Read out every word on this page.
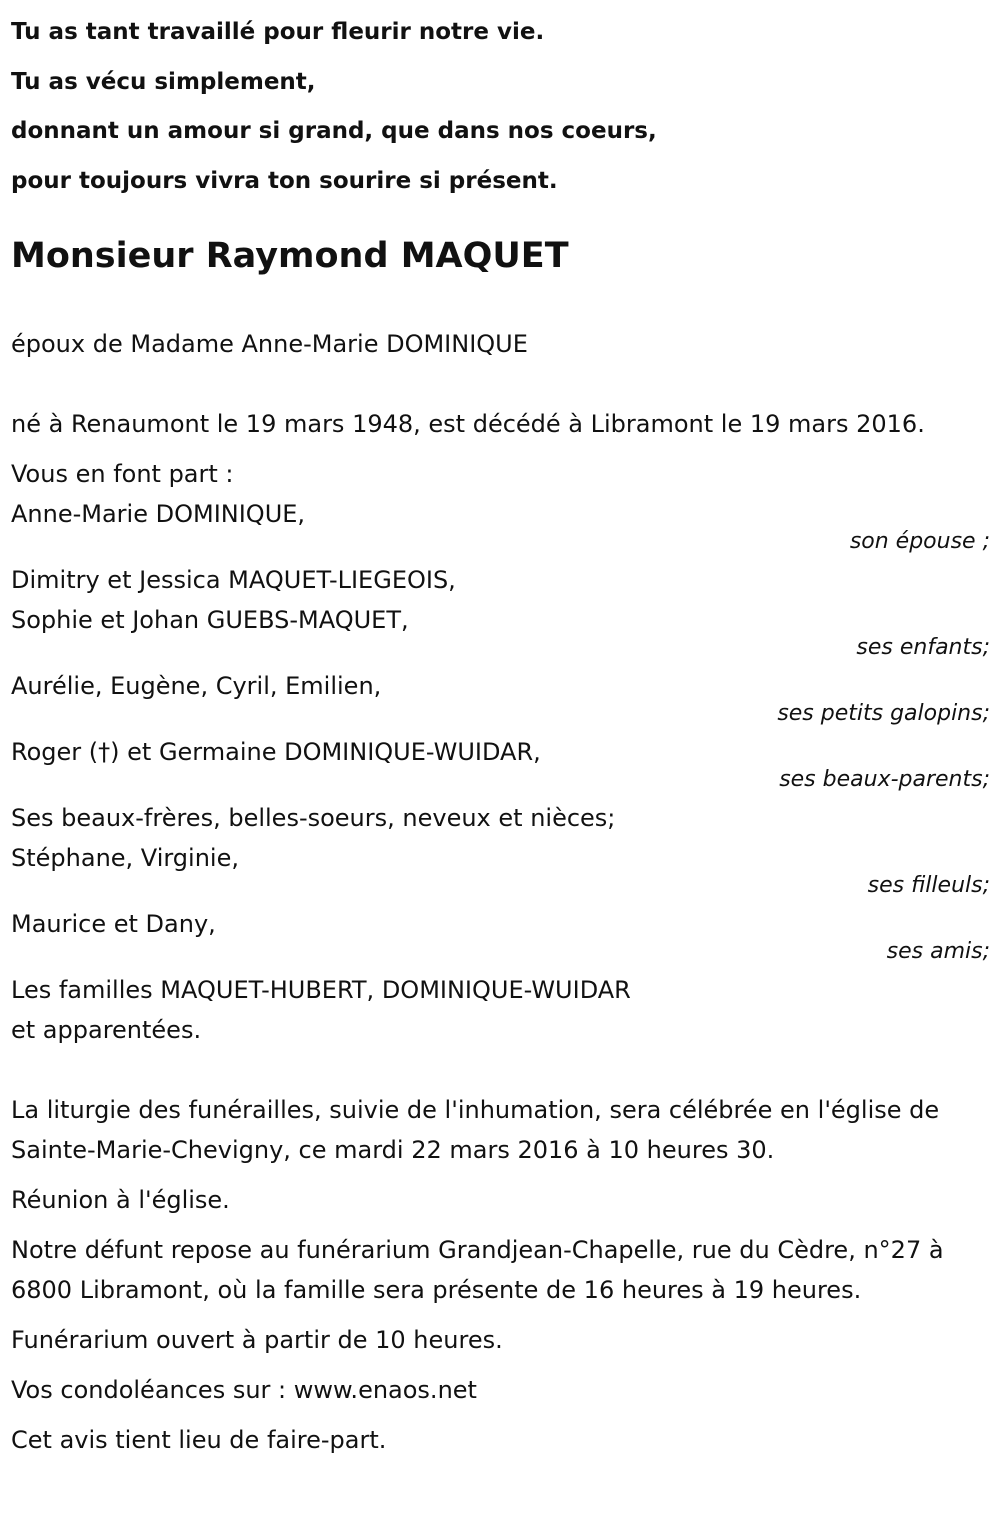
Tu as tant travaillé pour fleurir notre vie.

Tu as vécu simplement,

donnant un amour si grand, que dans nos coeurs,

pour toujours vivra ton sourire si présent.

Monsieur Raymond MAQUET

époux de Madame Anne-Marie DOMINIQUE

né à Renaumont le 19 mars 1948, est décédé à Libramont le 19 mars 2016.

Vous en font part :

Anne-Marie DOMINIQUE,

son épouse ;

Dimitry et Jessica MAQUET-LIEGEOIS,

Sophie et Johan GUEBS-MAQUET,

ses enfants;

Aurélie, Eugène, Cyril, Emilien,

ses petits galopins;

Roger (†) et Germaine DOMINIQUE-WUIDAR,

ses beaux-parents;

Ses beaux-frères, belles-soeurs, neveux et nièces;

Stéphane, Virginie,

ses filleuls;

Maurice et Dany,

ses amis;

Les familles MAQUET-HUBERT, DOMINIQUE-WUIDAR

et apparentées.

La liturgie des funérailles, suivie de l'inhumation, sera célébrée en l'église de Sainte-Marie-Chevigny, ce mardi 22 mars 2016 à 10 heures 30.

Réunion à l'église.

Notre défunt repose au funérarium Grandjean-Chapelle, rue du Cèdre, n°27 à 6800 Libramont, où la famille sera présente de 16 heures à 19 heures.

Funérarium ouvert à partir de 10 heures.

Vos condoléances sur : www.enaos.net

Cet avis tient lieu de faire-part.
